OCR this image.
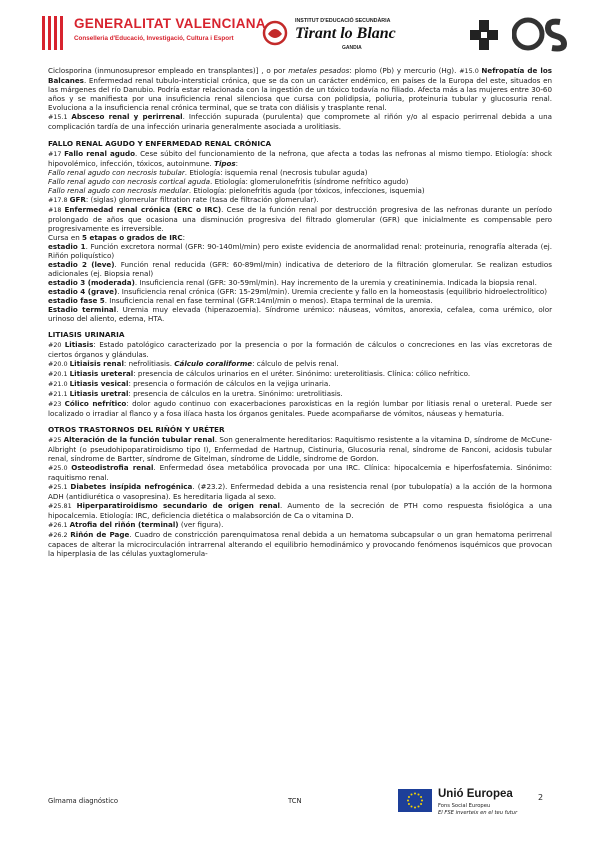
GENERALITAT VALENCIANA
Conselleria d'Educació, Investigació, Cultura i Esport
INSTITUT D'EDUCACIÓ SECUNDÀRIA
Tirant lo Blanc
GANDIA

Ciclosporina (inmunosupresor empleado en transplantes)] , o por metales pesados: plomo (Pb) y mercurio (Hg). #15.0 Nefropatía de los Balcanes. Enfermedad renal tubulo-intersticial crónica, que se da con un carácter endémico, en países de la Europa del este, situados en las márgenes del río Danubio. Podría estar relacionada con la ingestión de un tóxico todavía no filiado. Afecta más a las mujeres entre 30-60 años y se manifiesta por una insuficiencia renal silenciosa que cursa con polidipsia, poliuria, proteinuria tubular y glucosuria renal. Evoluciona a la insuficiencia renal crónica terminal, que se trata con diálisis y trasplante renal.

#15.1 Absceso renal y perirrenal. Infección supurada (purulenta) que compromete al riñón y/o al espacio perirrenal debida a una complicación tardía de una infección urinaria generalmente asociada a urolitiasis.

FALLO RENAL AGUDO Y ENFERMEDAD RENAL CRÓNICA

#17 Fallo renal agudo. Cese súbito del funcionamiento de la nefrona, que afecta a todas las nefronas al mismo tiempo. Etiología: shock hipovolémico, infección, tóxicos, autoinmune. Tipos:

Fallo renal agudo con necrosis tubular. Etiología: isquemia renal (necrosis tubular aguda)

Fallo renal agudo con necrosis cortical aguda. Etiología: glomerulonefritis (síndrome nefrítico agudo)

Fallo renal agudo con necrosis medular. Etiología: pielonefritis aguda (por tóxicos, infecciones, isquemia)

#17.8 GFR: (siglas) glomerular filtration rate (tasa de filtración glomerular).

#18 Enfermedad renal crónica (ERC o IRC). Cese de la función renal por destrucción progresiva de las nefronas durante un período prolongado de años que ocasiona una disminución progresiva del filtrado glomerular (GFR) que inicialmente es compensable pero progresivamente es irreversible.

Cursa en 5 etapas o grados de IRC:

estadio 1. Función excretora normal (GFR: 90-140ml/min) pero existe evidencia de anormalidad renal: proteinuria, renografía alterada (ej. Riñón poliquístico)

estadio 2 (leve). Función renal reducida (GFR: 60-89ml/min) indicativa de deterioro de la filtración glomerular. Se realizan estudios adicionales (ej. Biopsia renal)

estadio 3 (moderada). Insuficiencia renal (GFR: 30-59ml/min). Hay incremento de la uremia y creatininemia. Indicada la biopsia renal.

estadio 4 (grave). Insuficiencia renal crónica (GFR: 15-29ml/min). Uremia creciente y fallo en la homeostasis (equilibrio hidroelectrolítico)

estadio fase 5. Insuficiencia renal en fase terminal (GFR:14ml/min o menos). Etapa terminal de la uremia.

Estadio terminal. Uremia muy elevada (hiperazoemia). Síndrome urémico: náuseas, vómitos, anorexia, cefalea, coma urémico, olor urinoso del aliento, edema, HTA.

LITIASIS URINARIA

#20 Litiasis: Estado patológico caracterizado por la presencia o por la formación de cálculos o concreciones en las vías excretoras de ciertos órganos y glándulas.

#20.0 Litiaisis renal: nefrolitiasis. Cálculo coraliforme: cálculo de pelvis renal.

#20.1 Litiasis ureteral: presencia de cálculos urinarios en el uréter. Sinónimo: ureterolitiasis. Clínica: cólico nefrítico.

#21.0 Litiasis vesical: presencia o formación de cálculos en la vejiga urinaria.

#21.1 Litiasis uretral: presencia de cálculos en la uretra. Sinónimo: uretrolitiasis.

#23 Cólico nefrítico: dolor agudo continuo con exacerbaciones paroxísticas en la región lumbar por litiasis renal o ureteral. Puede ser localizado o irradiar al flanco y a fosa ilíaca hasta los órganos genitales. Puede acompañarse de vómitos, náuseas y hematuria.

OTROS TRASTORNOS DEL RIÑÓN Y URÉTER

#25 Alteración de la función tubular renal. Son generalmente hereditarios: Raquitismo resistente a la vitamina D, síndrome de McCune-Albright (o pseudohipoparatiroidismo tipo I), Enfermedad de Hartnup, Cistinuria, Glucosuria renal, síndrome de Fanconi, acidosis tubular renal, síndrome de Bartter, síndrome de Gitelman, síndrome de Liddle, síndrome de Gordon.

#25.0 Osteodistrofia renal. Enfermedad ósea metabólica provocada por una IRC. Clínica: hipocalcemia e hiperfosfatemia. Sinónimo: raquitismo renal.

#25.1 Diabetes insípida nefrogénica. (#23.2). Enfermedad debida a una resistencia renal (por tubulopatía) a la acción de la hormona ADH (antidiurética o vasopresina). Es hereditaria ligada al sexo.

#25.81 Hiperparatiroidismo secundario de origen renal. Aumento de la secreción de PTH como respuesta fisiológica a una hipocalcemia. Etiología: IRC, deficiencia dietética o malabsorción de Ca o vitamina D.

#26.1 Atrofia del riñón (terminal) (ver figura).

#26.2 Riñón de Page. Cuadro de constricción parenquimatosa renal debida a un hematoma subcapsular o un gran hematoma perirrenal capaces de alterar la microcirculación intrarrenal alterando el equilibrio hemodinámico y provocando fenómenos isquémicos que provocan la hiperplasia de las células yuxtaglomerula-

Glmama diagnóstico	TCN
Unió Europea
Fons Social Europeu
El FSE inverteix en el teu futur
2
